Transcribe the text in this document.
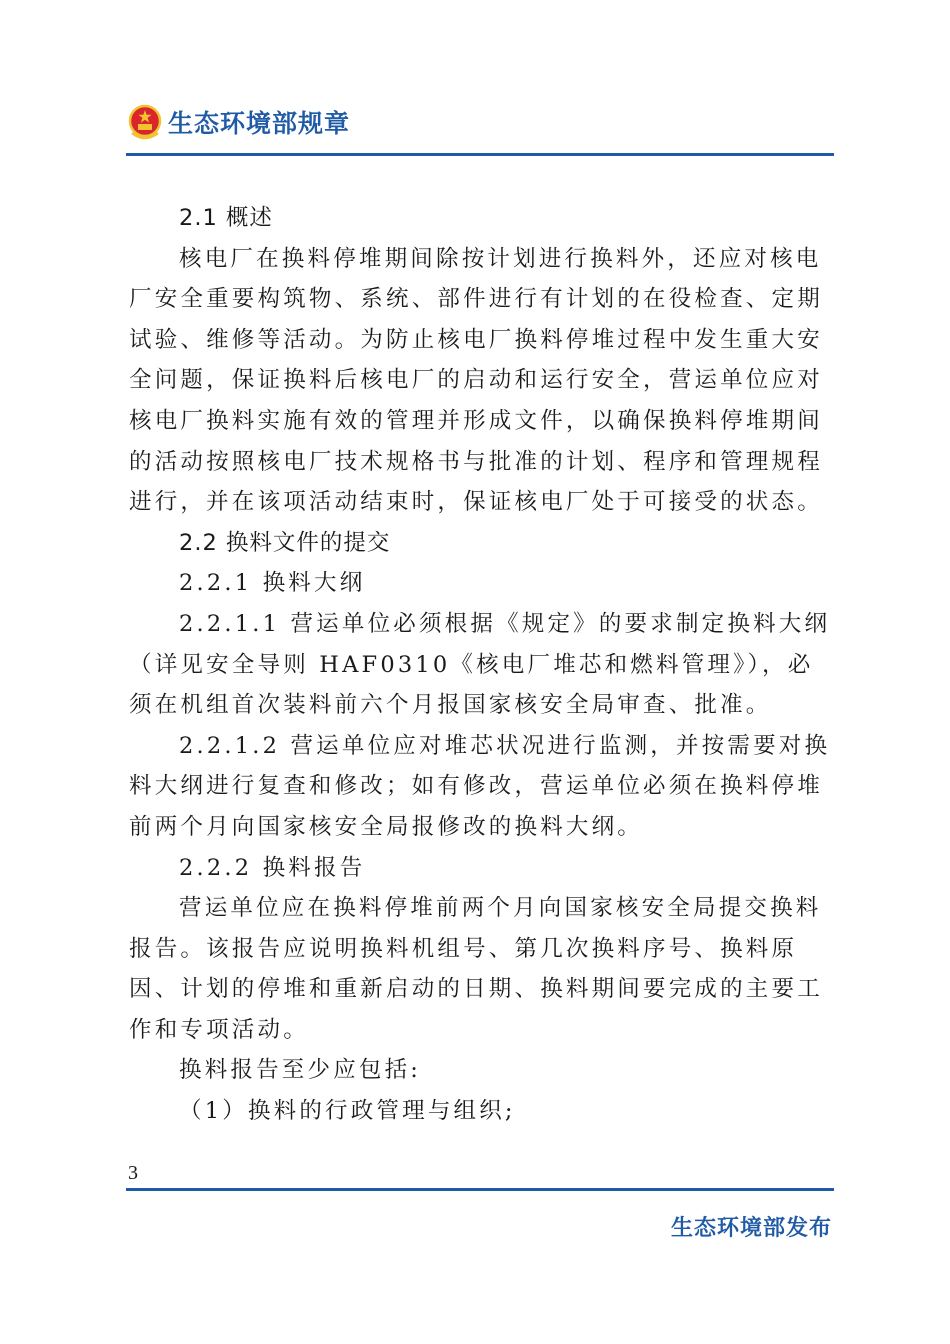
生态环境部规章

2.1 概述

核电厂在换料停堆期间除按计划进行换料外，还应对核电厂安全重要构筑物、系统、部件进行有计划的在役检查、定期试验、维修等活动。为防止核电厂换料停堆过程中发生重大安全问题，保证换料后核电厂的启动和运行安全，营运单位应对核电厂换料实施有效的管理并形成文件，以确保换料停堆期间的活动按照核电厂技术规格书与批准的计划、程序和管理规程进行，并在该项活动结束时，保证核电厂处于可接受的状态。

2.2 换料文件的提交

2.2.1 换料大纲

2.2.1.1 营运单位必须根据《规定》的要求制定换料大纲（详见安全导则 HAF0310《核电厂堆芯和燃料管理》），必须在机组首次装料前六个月报国家核安全局审查、批准。

2.2.1.2 营运单位应对堆芯状况进行监测，并按需要对换料大纲进行复查和修改；如有修改，营运单位必须在换料停堆前两个月向国家核安全局报修改的换料大纲。

2.2.2 换料报告

营运单位应在换料停堆前两个月向国家核安全局提交换料报告。该报告应说明换料机组号、第几次换料序号、换料原因、计划的停堆和重新启动的日期、换料期间要完成的主要工作和专项活动。

换料报告至少应包括:

（1）换料的行政管理与组织;

3
生态环境部发布
